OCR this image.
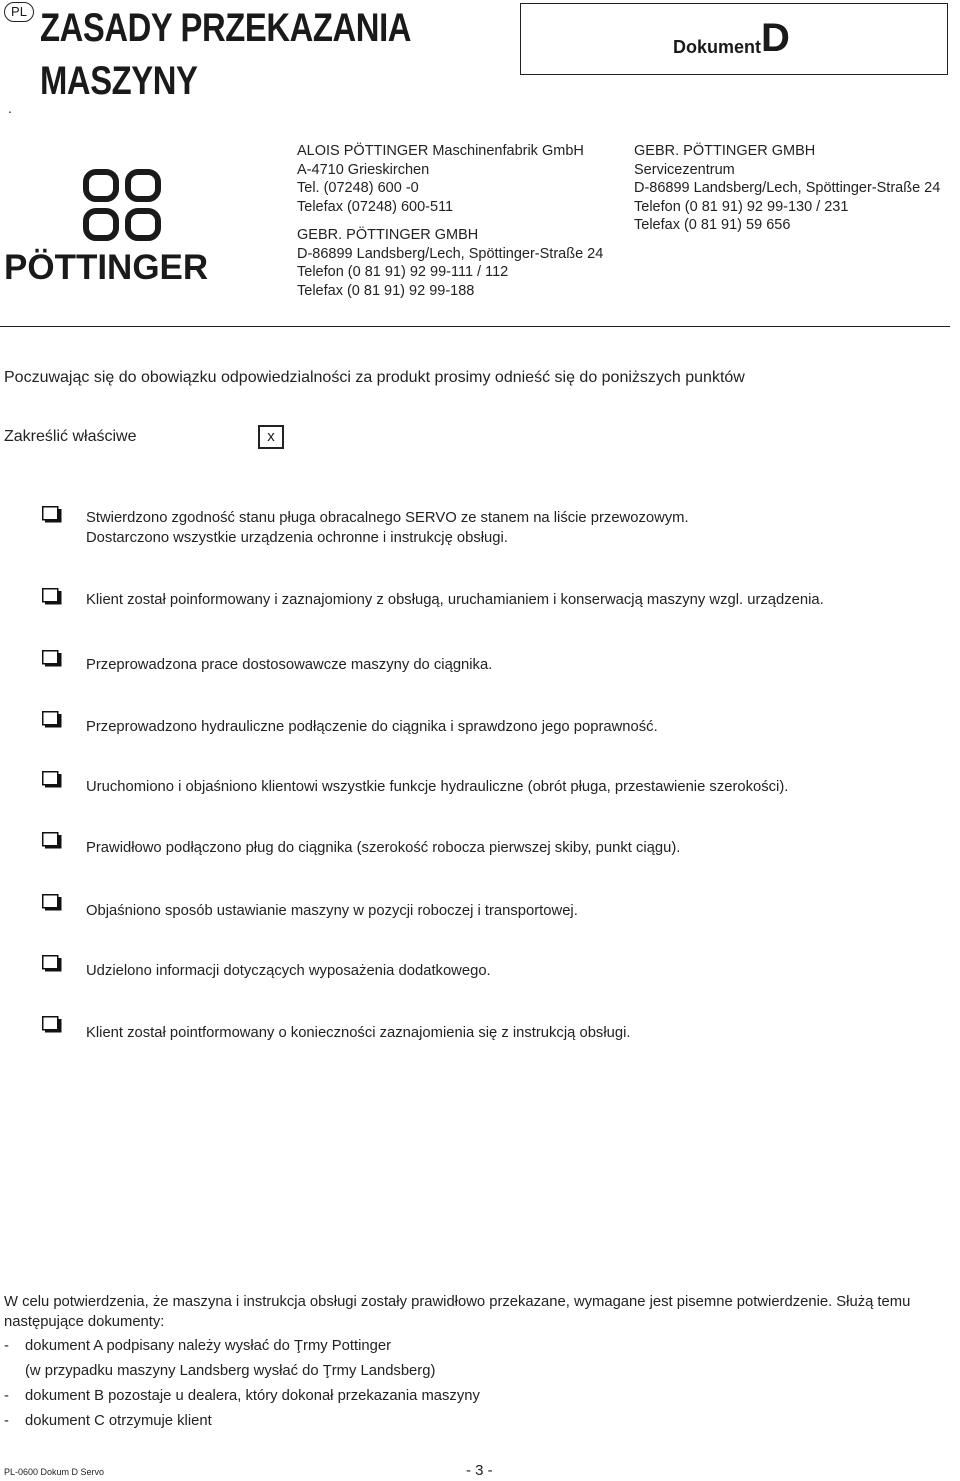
PL ZASADY PRZEKAZANIA
MASZYNY
Dokument D
.
PÖTTINGER
ALOIS PÖTTINGER Maschinenfabrik GmbH
A-4710 Grieskirchen
Tel. (07248) 600 -0
Telefax (07248) 600-511
GEBR. PÖTTINGER GMBH
D-86899 Landsberg/Lech, Spöttinger-Straße 24
Telefon (0 81 91) 92 99-111 / 112
Telefax (0 81 91) 92 99-188
GEBR. PÖTTINGER GMBH
Servicezentrum
D-86899 Landsberg/Lech, Spöttinger-Straße 24
Telefon (0 81 91) 92 99-130 / 231
Telefax (0 81 91) 59 656
Poczuwając się do obowiązku odpowiedzialności za produkt prosimy odnieść się do poniższych punktów
Zakreślić właściwe	x
Stwierdzono zgodność stanu pługa obracalnego SERVO ze stanem na liście przewozowym.
Dostarczono wszystkie urządzenia ochronne i instrukcję obsługi.
Klient został poinformowany i zaznajomiony z obsługą, uruchamianiem i konserwacją maszyny wzgl. urządzenia.
Przeprowadzona prace dostosowawcze maszyny do ciągnika.
Przeprowadzono hydrauliczne podłączenie do ciągnika i sprawdzono jego poprawność.
Uruchomiono i objaśniono klientowi wszystkie funkcje hydrauliczne (obrót pługa, przestawienie szerokości).
Prawidłowo podłączono pług do ciągnika (szerokość robocza pierwszej skiby, punkt ciągu).
Objaśniono sposób ustawianie maszyny w pozycji roboczej i transportowej.
Udzielono informacji dotyczących wyposażenia dodatkowego.
Klient został pointformowany o konieczności zaznajomienia się z instrukcją obsługi.
W celu potwierdzenia, że maszyna i instrukcja obsługi zostały prawidłowo przekazane, wymagane jest pisemne potwierdzenie. Służą temu następujące dokumenty:
- dokument A podpisany należy wysłać do Ţrmy Pottinger
(w przypadku maszyny Landsberg wysłać do Ţrmy Landsberg)
- dokument B pozostaje u dealera, który dokonał przekazania maszyny
- dokument C otrzymuje klient
PL-0600 Dokum D Servo	- 3 -
